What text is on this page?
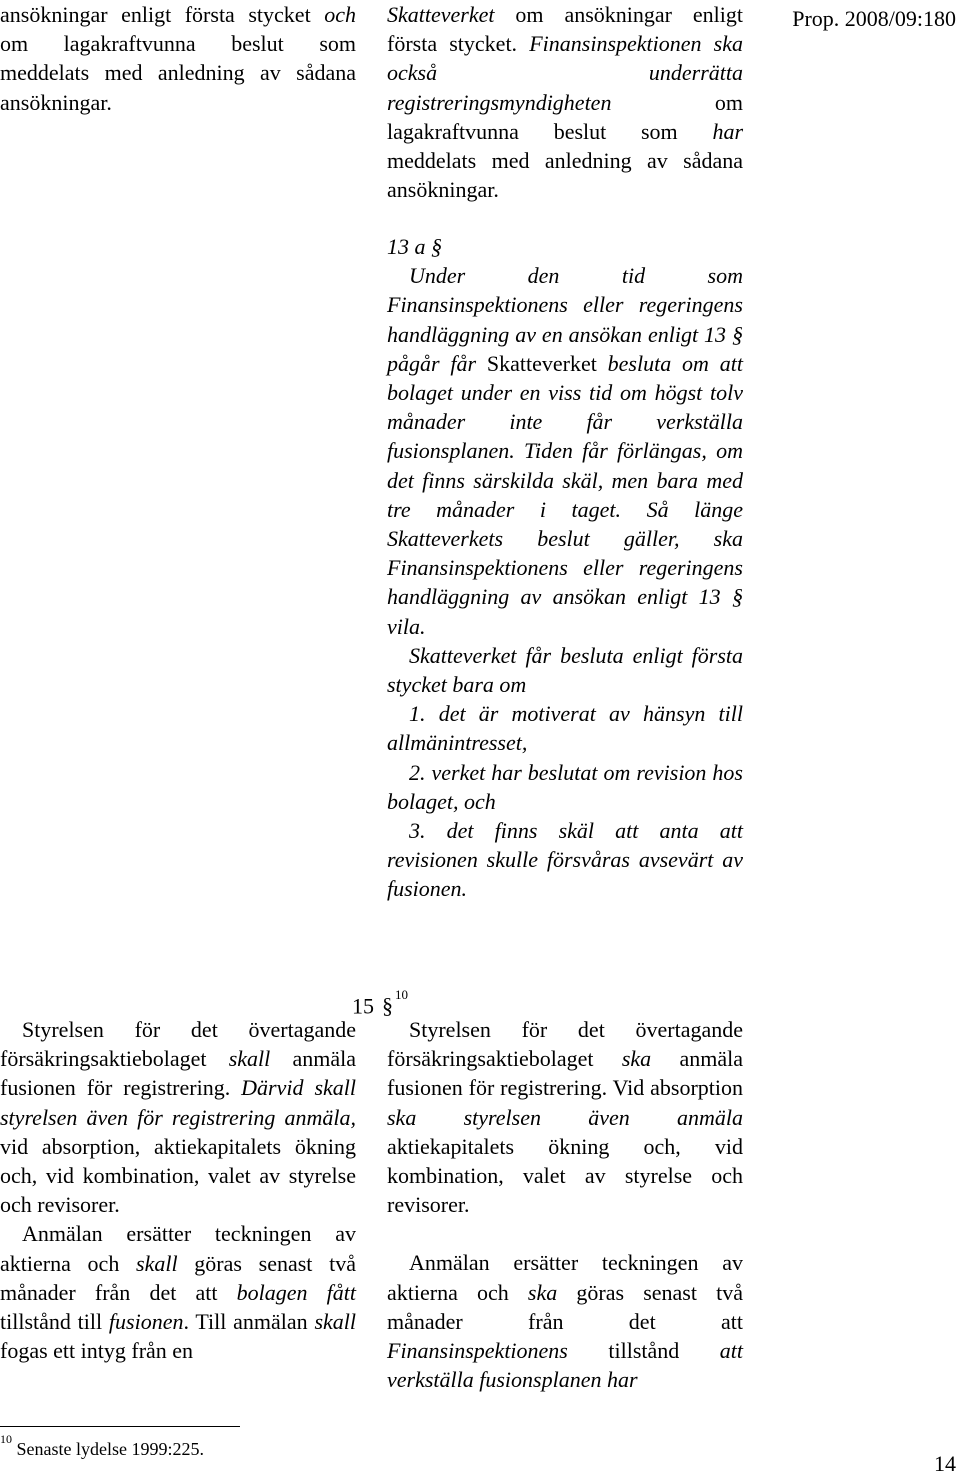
Prop. 2008/09:180

ansökningar enligt första stycket och om lagakraftvunna beslut som meddelats med anledning av sådana ansökningar.

Skatteverket om ansökningar enligt första stycket. Finansinspektionen ska också underrätta registreringsmyndigheten om lagakraftvunna beslut som har meddelats med anledning av sådana ansökningar.

13 a §

Under den tid som Finansinspektionens eller regeringens handläggning av en ansökan enligt 13 § pågår får Skatteverket besluta om att bolaget under en viss tid om högst tolv månader inte får verkställa fusionsplanen. Tiden får förlängas, om det finns särskilda skäl, men bara med tre månader i taget. Så länge Skatteverkets beslut gäller, ska Finansinspektionens eller regeringens handläggning av ansökan enligt 13 § vila.

Skatteverket får besluta enligt första stycket bara om

1. det är motiverat av hänsyn till allmänintresset,

2. verket har beslutat om revision hos bolaget, och

3. det finns skäl att anta att revisionen skulle försvåras avsevärt av fusionen.

15 § $^{10}$

Styrelsen för det övertagande försäkringsaktiebolaget skall anmäla fusionen för registrering. Därvid skall styrelsen även för registrering anmäla, vid absorption, aktiekapitalets ökning och, vid kombination, valet av styrelse och revisorer.

Anmälan ersätter teckningen av aktierna och skall göras senast två månader från det att bolagen fått tillstånd till fusionen. Till anmälan skall fogas ett intyg från en

Styrelsen för det övertagande försäkringsaktiebolaget ska anmäla fusionen för registrering. Vid absorption ska styrelsen även anmäla aktiekapitalets ökning och, vid kombination, valet av styrelse och revisorer.

Anmälan ersätter teckningen av aktierna och ska göras senast två månader från det att Finansinspektionens tillstånd att verkställa fusionsplanen har

$^{10}$ Senaste lydelse 1999:225.
14
